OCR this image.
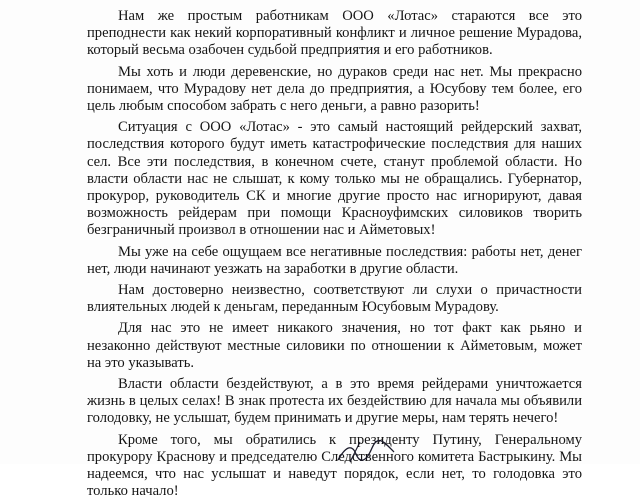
Нам же простым работникам ООО «Лотас» стараются все это преподнести как некий корпоративный конфликт и личное решение Мурадова, который весьма озабочен судьбой предприятия и его работников.

Мы хоть и люди деревенские, но дураков среди нас нет. Мы прекрасно понимаем, что Мурадову нет дела до предприятия, а Юсубову тем более, его цель любым способом забрать с него деньги, а равно разорить!

Ситуация с ООО «Лотас» - это самый настоящий рейдерский захват, последствия которого будут иметь катастрофические последствия для наших сел. Все эти последствия, в конечном счете, станут проблемой области. Но власти области нас не слышат, к кому только мы не обращались. Губернатор, прокурор, руководитель СК и многие другие просто нас игнорируют, давая возможность рейдерам при помощи Красноуфимских силовиков творить безграничный произвол в отношении нас и Айметовых!

Мы уже на себе ощущаем все негативные последствия: работы нет, денег нет, люди начинают уезжать на заработки в другие области.

Нам достоверно неизвестно, соответствуют ли слухи о причастности влиятельных людей к деньгам, переданным Юсубовым Мурадову.

Для нас это не имеет никакого значения, но тот факт как рьяно и незаконно действуют местные силовики по отношении к Айметовым, может на это указывать.

Власти области бездействуют, а в это время рейдерами уничтожается жизнь в целых селах! В знак протеста их бездействию для начала мы объявили голодовку, не услышат, будем принимать и другие меры, нам терять нечего!

Кроме того, мы обратились к президенту Путину, Генеральному прокурору Краснову и председателю Следственного комитета Бастрыкину. Мы надеемся, что нас услышат и наведут порядок, если нет, то голодовка это только начало!
